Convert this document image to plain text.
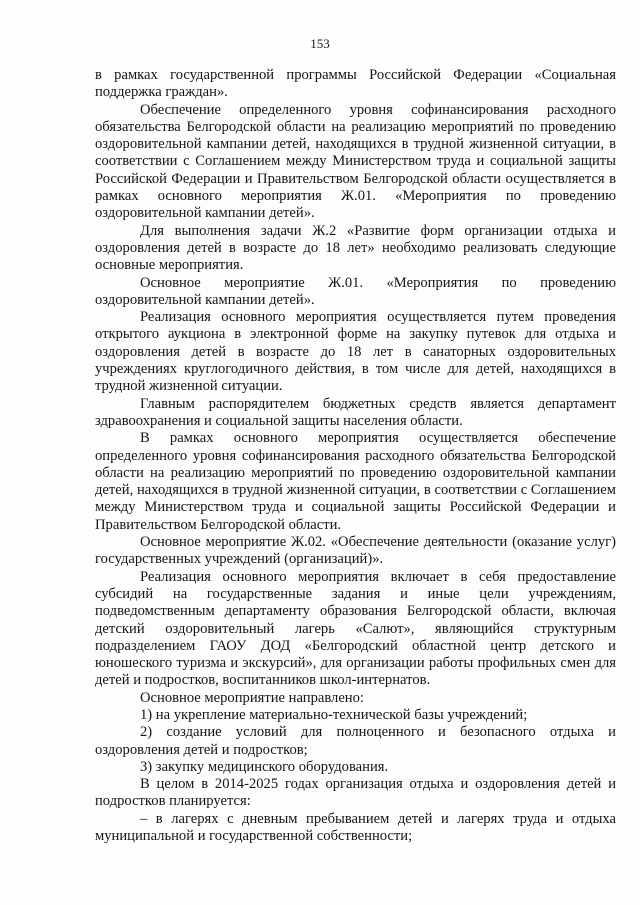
153

в рамках государственной программы Российской Федерации «Социальная поддержка граждан».

Обеспечение определенного уровня софинансирования расходного обязательства Белгородской области на реализацию мероприятий по проведению оздоровительной кампании детей, находящихся в трудной жизненной ситуации, в соответствии с Соглашением между Министерством труда и социальной защиты Российской Федерации и Правительством Белгородской области осуществляется в рамках основного мероприятия Ж.01. «Мероприятия по проведению оздоровительной кампании детей».

Для выполнения задачи Ж.2 «Развитие форм организации отдыха и оздоровления детей в возрасте до 18 лет» необходимо реализовать следующие основные мероприятия.

Основное мероприятие Ж.01. «Мероприятия по проведению оздоровительной кампании детей».

Реализация основного мероприятия осуществляется путем проведения открытого аукциона в электронной форме на закупку путевок для отдыха и оздоровления детей в возрасте до 18 лет в санаторных оздоровительных учреждениях круглогодичного действия, в том числе для детей, находящихся в трудной жизненной ситуации.

Главным распорядителем бюджетных средств является департамент здравоохранения и социальной защиты населения области.

В рамках основного мероприятия осуществляется обеспечение определенного уровня софинансирования расходного обязательства Белгородской области на реализацию мероприятий по проведению оздоровительной кампании детей, находящихся в трудной жизненной ситуации, в соответствии с Соглашением между Министерством труда и социальной защиты Российской Федерации и Правительством Белгородской области.

Основное мероприятие Ж.02. «Обеспечение деятельности (оказание услуг) государственных учреждений (организаций)».

Реализация основного мероприятия включает в себя предоставление субсидий на государственные задания и иные цели учреждениям, подведомственным департаменту образования Белгородской области, включая детский оздоровительный лагерь «Салют», являющийся структурным подразделением ГАОУ ДОД «Белгородский областной центр детского и юношеского туризма и экскурсий», для организации работы профильных смен для детей и подростков, воспитанников школ-интернатов.

Основное мероприятие направлено:

1) на укрепление материально-технической базы учреждений;

2) создание условий для полноценного и безопасного отдыха и оздоровления детей и подростков;

3) закупку медицинского оборудования.

В целом в 2014-2025 годах организация отдыха и оздоровления детей и подростков планируется:

– в лагерях с дневным пребыванием детей и лагерях труда и отдыха муниципальной и государственной собственности;
